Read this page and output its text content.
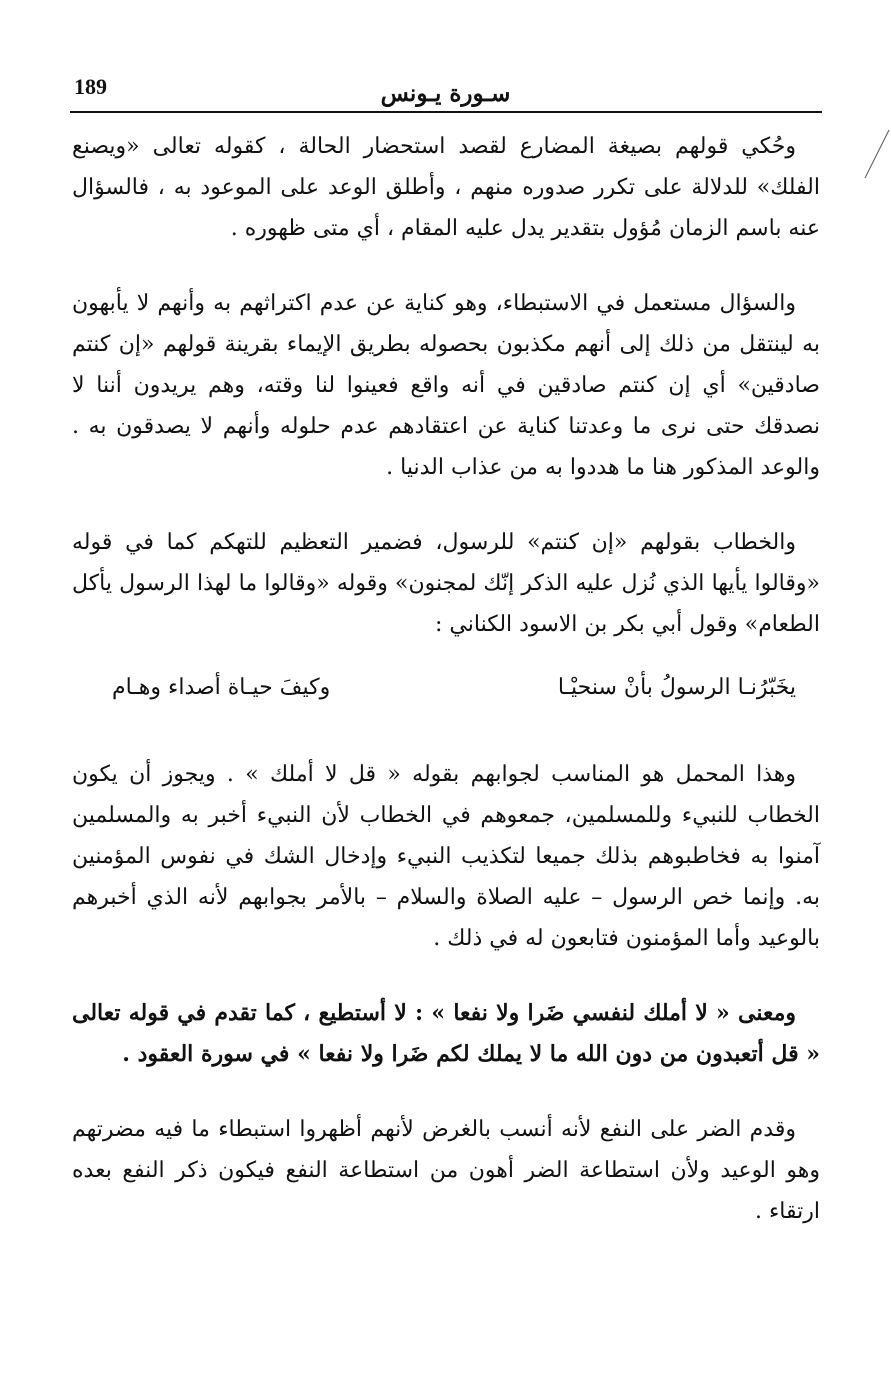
189	سـورة يـونس

وحُكي قولهم بصيغة المضارع لقصد استحضار الحالة ، كقوله تعالى «ويصنع الفلك» للدلالة على تكرر صدوره منهم ، وأطلق الوعد على الموعود به ، فالسؤال عنه باسم الزمان مُؤول بتقدير يدل عليه المقام ، أي متى ظهوره .

والسؤال مستعمل في الاستبطاء، وهو كناية عن عدم اكتراثهم به وأنهم لا يأبهون به لينتقل من ذلك إلى أنهم مكذبون بحصوله بطريق الإيماء بقرينة قولهم «إن كنتم صادقين» أي إن كنتم صادقين في أنه واقع فعينوا لنا وقته، وهم يريدون أننا لا نصدقك حتى نرى ما وعدتنا كناية عن اعتقادهم عدم حلوله وأنهم لا يصدقون به . والوعد المذكور هنا ما هددوا به من عذاب الدنيا .

والخطاب بقولهم «إن كنتم» للرسول، فضمير التعظيم للتهكم كما في قوله «وقالوا يأيها الذي نُزل عليه الذكر إنّك لمجنون» وقوله «وقالوا ما لهذا الرسول يأكل الطعام» وقول أبي بكر بن الاسود الكناني :

يخَبّرُنـا الرسولُ بأنْ سنحيْـا
وكيفَ حيـاة أصداء وهـام

وهذا المحمل هو المناسب لجوابهم بقوله « قل لا أملك » . ويجوز أن يكون الخطاب للنبيء وللمسلمين، جمعوهم في الخطاب لأن النبيء أخبر به والمسلمين آمنوا به فخاطبوهم بذلك جميعا لتكذيب النبيء وإدخال الشك في نفوس المؤمنين به. وإنما خص الرسول – عليه الصلاة والسلام – بالأمر بجوابهم لأنه الذي أخبرهم بالوعيد وأما المؤمنون فتابعون له في ذلك .

ومعنى « لا أملك لنفسي ضَرا ولا نفعا » : لا أستطيع ، كما تقدم في قوله تعالى « قل أتعبدون من دون الله ما لا يملك لكم ضَرا ولا نفعا » في سورة العقود .

وقدم الضر على النفع لأنه أنسب بالغرض لأنهم أظهروا استبطاء ما فيه مضرتهم وهو الوعيد ولأن استطاعة الضر أهون من استطاعة النفع فيكون ذكر النفع بعده ارتقاء .
